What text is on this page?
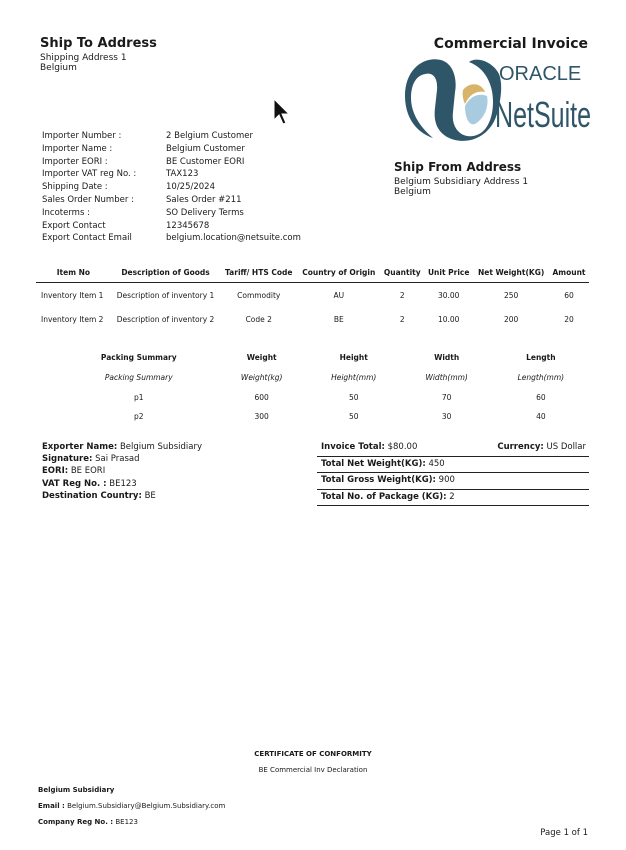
Ship To Address
Shipping Address 1
Belgium
Commercial Invoice
ORACLE
NetSuite
Importer Number :	2 Belgium Customer
Importer Name :	Belgium Customer
Importer EORI :	BE Customer EORI
Importer VAT reg No. :	TAX123
Shipping Date :	10/25/2024
Sales Order Number :	Sales Order #211
Incoterms :	SO Delivery Terms
Export Contact	12345678
Export Contact Email	belgium.location@netsuite.com
Ship From Address
Belgium Subsidiary Address 1
Belgium
Item No	Description of Goods	Tariff/ HTS Code	Country of Origin	Quantity	Unit Price	Net Weight(KG)	Amount
Inventory Item 1	Description of inventory 1	Commodity	AU	2	30.00	250	60
Inventory Item 2	Description of inventory 2	Code 2	BE	2	10.00	200	20
Packing Summary	Weight	Height	Width	Length
Packing Summary	Weight(kg)	Height(mm)	Width(mm)	Length(mm)
p1	600	50	70	60
p2	300	50	30	40
Exporter Name: Belgium Subsidiary
Signature: Sai Prasad
EORI: BE EORI
VAT Reg No. : BE123
Destination Country: BE
Invoice Total: $80.00	Currency: US Dollar
Total Net Weight(KG): 450
Total Gross Weight(KG): 900
Total No. of Package (KG): 2
CERTIFICATE OF CONFORMITY
BE Commercial Inv Declaration
Belgium Subsidiary
Email : Belgium.Subsidiary@Belgium.Subsidiary.com
Company Reg No. : BE123
Page 1 of 1
